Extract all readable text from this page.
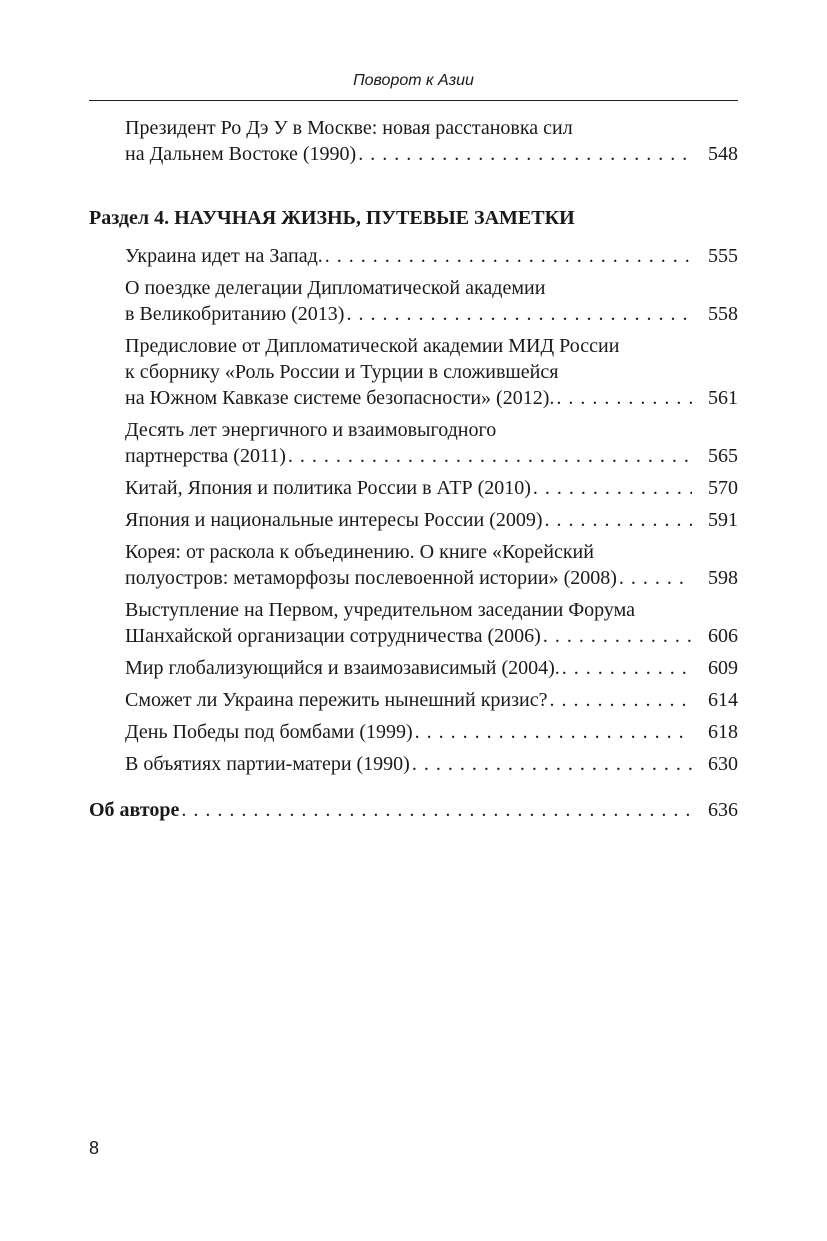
Поворот к Азии
Президент Ро Дэ У в Москве: новая расстановка сил
на Дальнем Востоке (1990) . . .	548
Раздел 4. НАУЧНАЯ ЖИЗНЬ, ПУТЕВЫЕ ЗАМЕТКИ
Украина идет на Запад. . . .	555
О поездке делегации Дипломатической академии
в Великобританию (2013) . . .	558
Предисловие от Дипломатической академии МИД России
к сборнику «Роль России и Турции в сложившейся
на Южном Кавказе системе безопасности» (2012). . . .	561
Десять лет энергичного и взаимовыгодного
партнерства (2011) . . .	565
Китай, Япония и политика России в АТР (2010) . . .	570
Япония и национальные интересы России (2009) . . .	591
Корея: от раскола к объединению. О книге «Корейский
полуостров: метаморфозы послевоенной истории» (2008) . . .	598
Выступление на Первом, учредительном заседании Форума
Шанхайской организации сотрудничества (2006) . . .	606
Мир глобализующийся и взаимозависимый (2004). . . .	609
Сможет ли Украина пережить нынешний кризис? . . .	614
День Победы под бомбами (1999) . . .	618
В объятиях партии-матери (1990) . . .	630
Об авторе . . .	636
8
